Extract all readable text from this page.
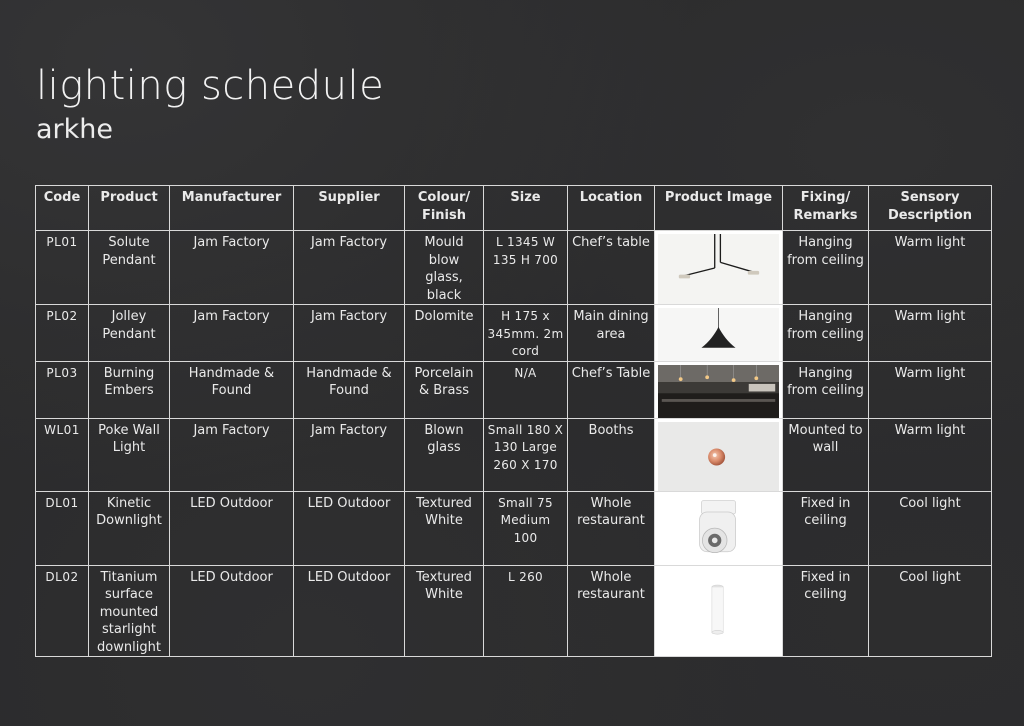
lighting schedule
arkhe
Code	Product	Manufacturer	Supplier	Colour/ Finish	Size	Location	Product Image	Fixing/ Remarks	Sensory Description
PL01	Solute Pendant	Jam Factory	Jam Factory	Mould blow glass, black	L 1345 W 135 H 700	Chef’s table		Hanging from ceiling	Warm light
PL02	Jolley Pendant	Jam Factory	Jam Factory	Dolomite	H 175 x 345mm. 2m cord	Main dining area		Hanging from ceiling	Warm light
PL03	Burning Embers	Handmade & Found	Handmade & Found	Porcelain & Brass	N/A	Chef’s Table		Hanging from ceiling	Warm light
WL01	Poke Wall Light	Jam Factory	Jam Factory	Blown glass	Small 180 X 130 Large 260 X 170	Booths		Mounted to wall	Warm light
DL01	Kinetic Downlight	LED Outdoor	LED Outdoor	Textured White	Small 75 Medium 100	Whole restaurant		Fixed in ceiling	Cool light
DL02	Titanium surface mounted starlight downlight	LED Outdoor	LED Outdoor	Textured White	L 260	Whole restaurant		Fixed in ceiling	Cool light
